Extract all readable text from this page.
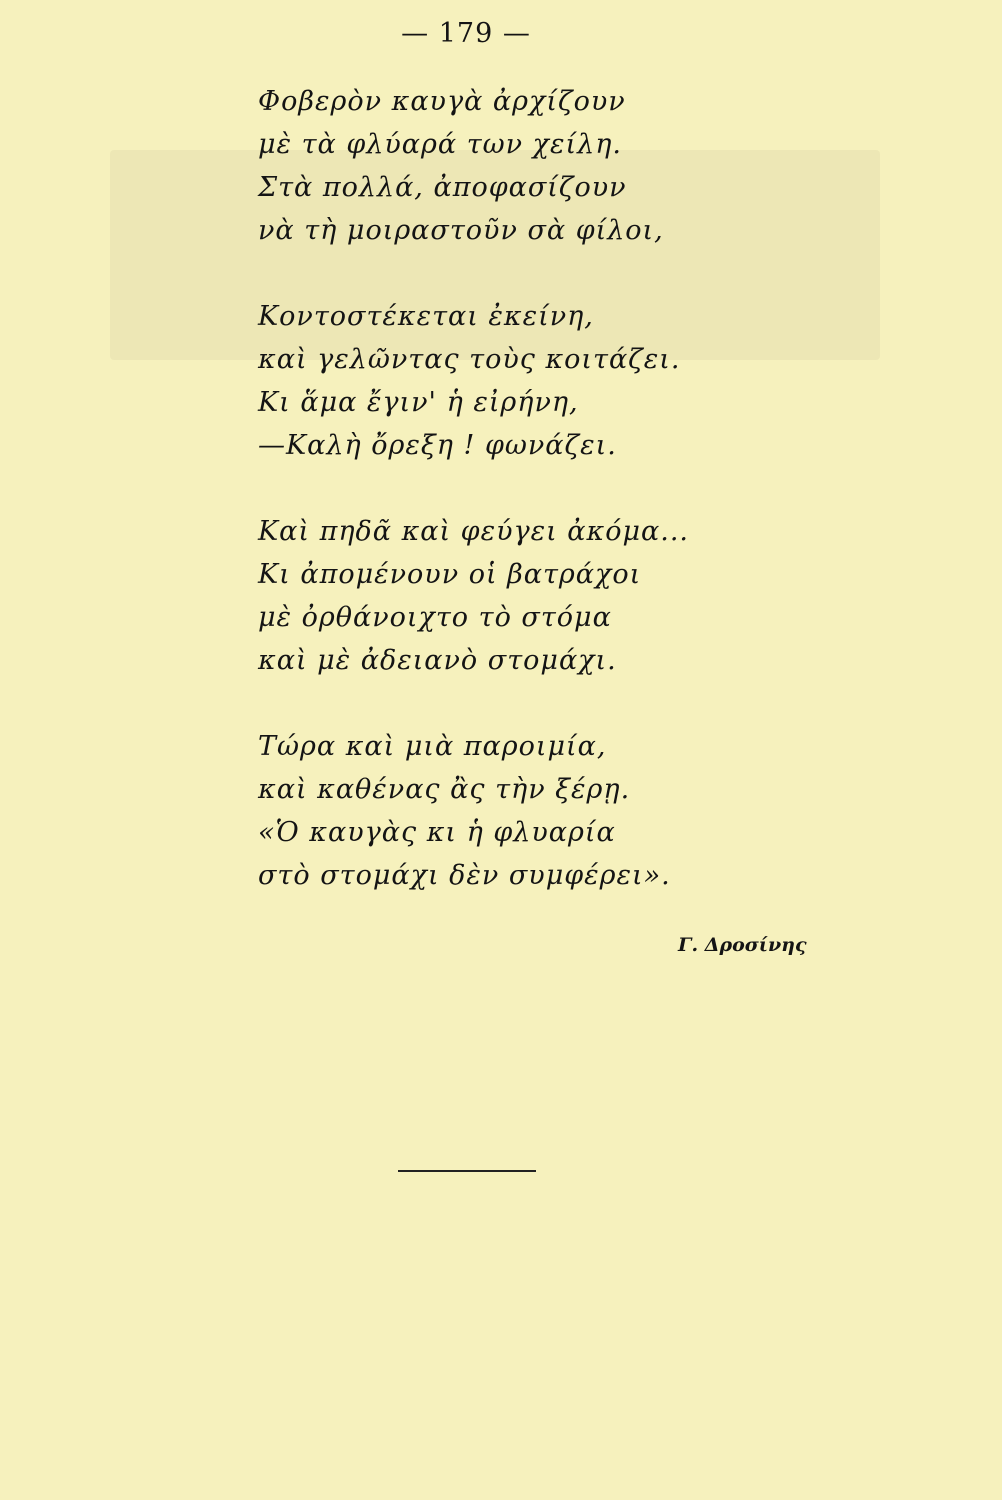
— 179 —
Φοβερὸν καυγὰ ἀρχίζουν
μὲ τὰ φλύαρά των χείλη.
Στὰ πολλά, ἀποφασίζουν
νὰ τὴ μοιραστοῦν σὰ φίλοι,
Κοντοστέκεται ἐκείνη,
καὶ γελῶντας τοὺς κοιτάζει.
Κι ἅμα ἔγιν' ἡ εἰρήνη,
—Καλὴ ὄρεξη ! φωνάζει.
Καὶ πηδᾶ καὶ φεύγει ἀκόμα...
Κι ἀπομένουν οἱ βατράχοι
μὲ ὀρθάνοιχτο τὸ στόμα
καὶ μὲ ἀδειανὸ στομάχι.
Τώρα καὶ μιὰ παροιμία,
καὶ καθένας ἂς τὴν ξέρῃ.
«Ὁ καυγὰς κι ἡ φλυαρία
στὸ στομάχι δὲν συμφέρει».
Γ. Δροσίνης
